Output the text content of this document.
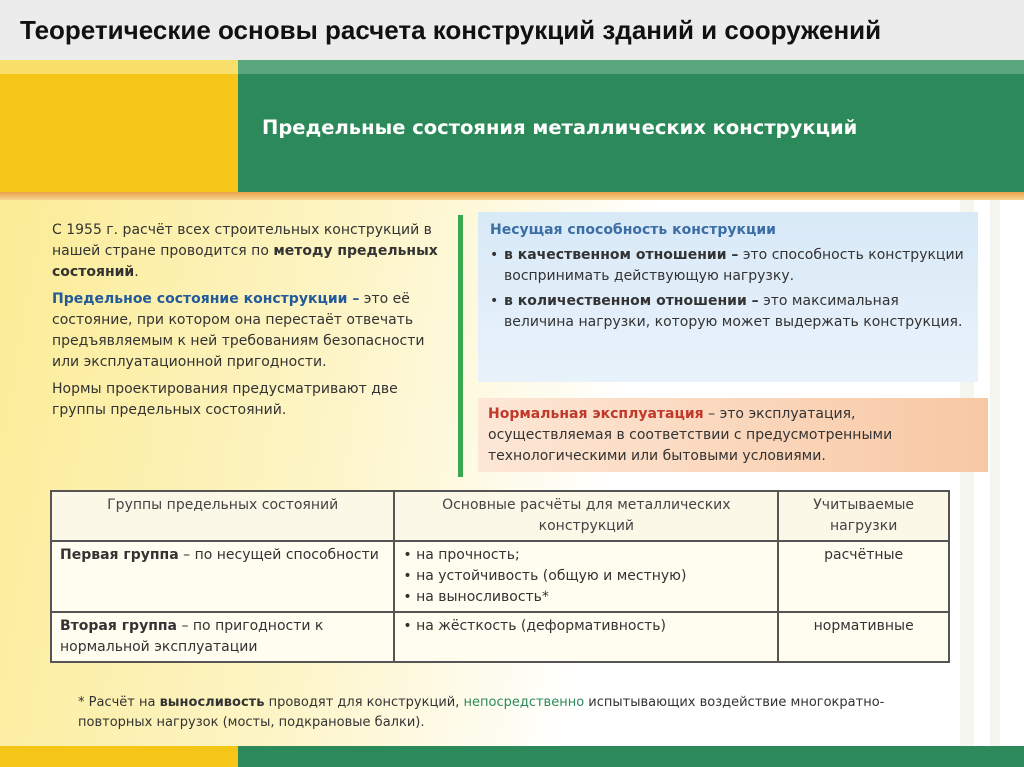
Теоретические основы расчета конструкций зданий и сооружений
Предельные состояния металлических конструкций

С 1955 г. расчёт всех строительных конструкций в нашей стране проводится по методу предельных состояний.

Предельное состояние конструкции – это её состояние, при котором она перестаёт отвечать предъявляемым к ней требованиям безопасности или эксплуатационной пригодности.

Нормы проектирования предусматривают две группы предельных состояний.

Несущая способность конструкции
• в качественном отношении – это способность конструкции воспринимать действующую нагрузку.
• в количественном отношении – это максимальная величина нагрузки, которую может выдержать конструкция.
Нормальная эксплуатация – это эксплуатация, осуществляемая в соответствии с предусмотренными технологическими или бытовыми условиями.
Группы предельных состояний	Основные расчёты для металлических конструкций	Учитываемые нагрузки
Первая группа – по несущей способности	• на прочность;
• на устойчивость (общую и местную)
• на выносливость*	расчётные
Вторая группа – по пригодности к нормальной эксплуатации	• на жёсткость (деформативность)	нормативные
* Расчёт на выносливость проводят для конструкций, непосредственно испытывающих воздействие многократно-повторных нагрузок (мосты, подкрановые балки).
